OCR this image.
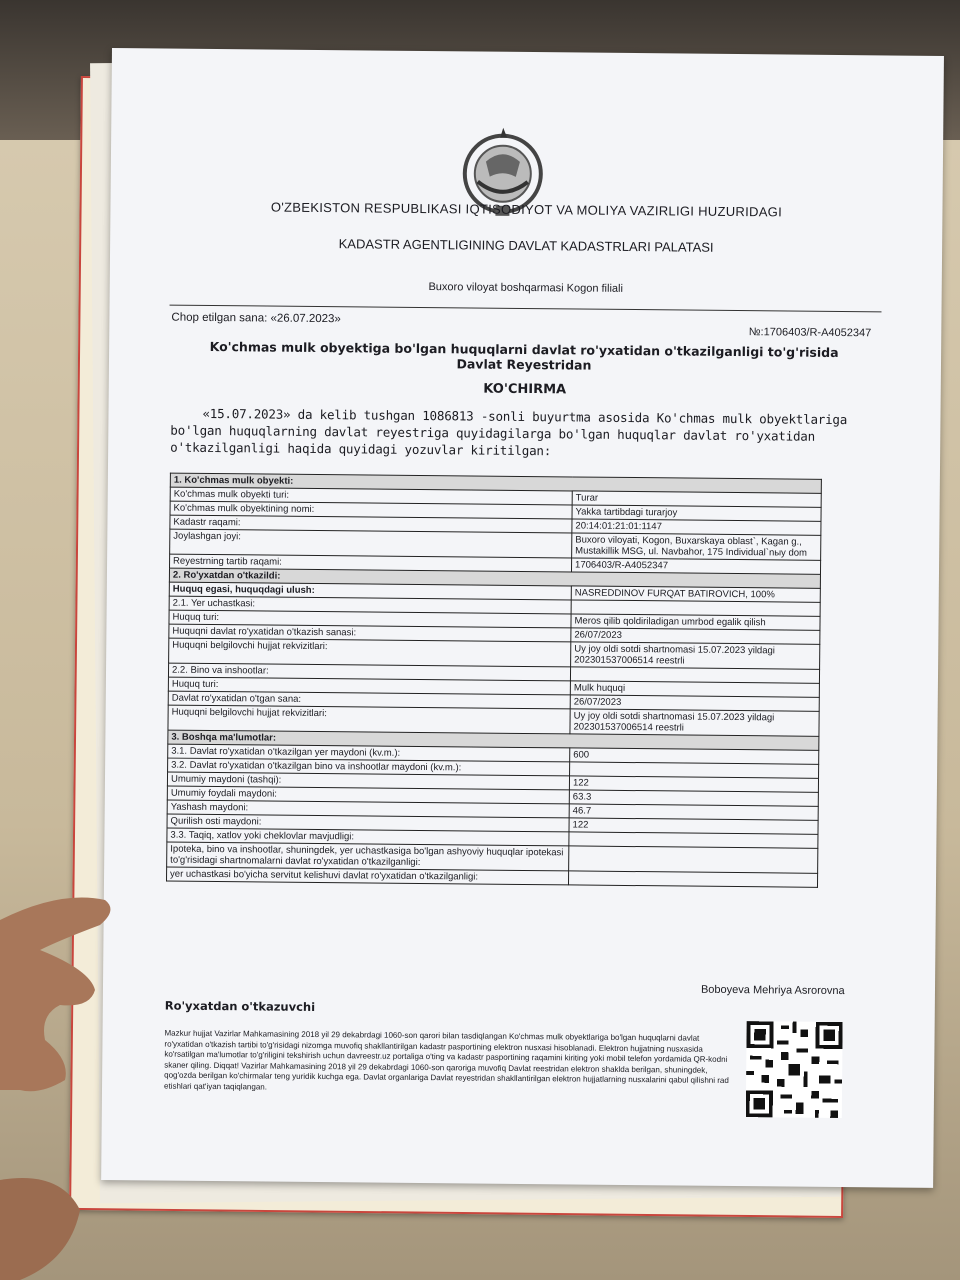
O'ZBEKISTON RESPUBLIKASI IQTISODIYOT VA MOLIYA VAZIRLIGI HUZURIDAGI
KADASTR AGENTLIGINING DAVLAT KADASTRLARI PALATASI
Buxoro viloyat boshqarmasi Kogon filiali
Chop etilgan sana: «26.07.2023»
№:1706403/R-A4052347
Ko'chmas mulk obyektiga bo'lgan huquqlarni davlat ro'yxatidan o'tkazilganligi to'g'risida Davlat Reyestridan
KO'CHIRMA
«15.07.2023» da kelib tushgan 1086813 -sonli buyurtma asosida Ko'chmas mulk obyektlariga bo'lgan huquqlarning davlat reyestriga quyidagilarga bo'lgan huquqlar davlat ro'yxatidan o'tkazilganligi haqida quyidagi yozuvlar kiritilgan:
1. Ko'chmas mulk obyekti:	
Ko'chmas mulk obyekti turi:	Turar
Ko'chmas mulk obyektining nomi:	Yakka tartibdagi turarjoy
Kadastr raqami:	20:14:01:21:01:1147
Joylashgan joyi:	Buxoro viloyati, Kogon, Buxarskaya oblast`, Kagan g., Mustakillik MSG, ul. Navbahor, 175 Individual`nыy dom
Reyestrning tartib raqami:	1706403/R-A4052347
2. Ro'yxatdan o'tkazildi:	
Huquq egasi, huquqdagi ulush:	NASREDDINOV FURQAT BATIROVICH, 100%
2.1. Yer uchastkasi:	
Huquq turi:	Meros qilib qoldiriladigan umrbod egalik qilish
Huquqni davlat ro'yxatidan o'tkazish sanasi:	26/07/2023
Huquqni belgilovchi hujjat rekvizitlari:	Uy joy oldi sotdi shartnomasi 15.07.2023 yildagi 202301537006514 reestrli
2.2. Bino va inshootlar:	
Huquq turi:	Mulk huquqi
Davlat ro'yxatidan o'tgan sana:	26/07/2023
Huquqni belgilovchi hujjat rekvizitlari:	Uy joy oldi sotdi shartnomasi 15.07.2023 yildagi 202301537006514 reestrli
3. Boshqa ma'lumotlar:	
3.1. Davlat ro'yxatidan o'tkazilgan yer maydoni (kv.m.):	600
3.2. Davlat ro'yxatidan o'tkazilgan bino va inshootlar maydoni (kv.m.):	
Umumiy maydoni (tashqi):	122
Umumiy foydali maydoni:	63.3
Yashash maydoni:	46.7
Qurilish osti maydoni:	122
3.3. Taqiq, xatlov yoki cheklovlar mavjudligi:	
Ipoteka, bino va inshootlar, shuningdek, yer uchastkasiga bo'lgan ashyoviy huquqlar ipotekasi to'g'risidagi shartnomalarni davlat ro'yxatidan o'tkazilganligi:	
yer uchastkasi bo'yicha servitut kelishuvi davlat ro'yxatidan o'tkazilganligi:	
Boboyeva Mehriya Asrorovna
Ro'yxatdan o'tkazuvchi
Mazkur hujjat Vazirlar Mahkamasining 2018 yil 29 dekabrdagi 1060-son qarori bilan tasdiqlangan Ko'chmas mulk obyektlariga bo'lgan huquqlarni davlat ro'yxatidan o'tkazish tartibi to'g'risidagi nizomga muvofiq shakllantirilgan kadastr pasportining elektron nusxasi hisoblanadi. Elektron hujjatning nusxasida ko'rsatilgan ma'lumotlar to'g'riligini tekshirish uchun davreestr.uz portaliga o'ting va kadastr pasportining raqamini kiriting yoki mobil telefon yordamida QR-kodni skaner qiling. Diqqat! Vazirlar Mahkamasining 2018 yil 29 dekabrdagi 1060-son qaroriga muvofiq Davlat reestridan elektron shaklda berilgan, shuningdek, qog'ozda berilgan ko'chirmalar teng yuridik kuchga ega. Davlat organlariga Davlat reyestridan shakllantirilgan elektron hujjatlarning nusxalarini qabul qilishni rad etishlari qat'iyan taqiqlangan.
